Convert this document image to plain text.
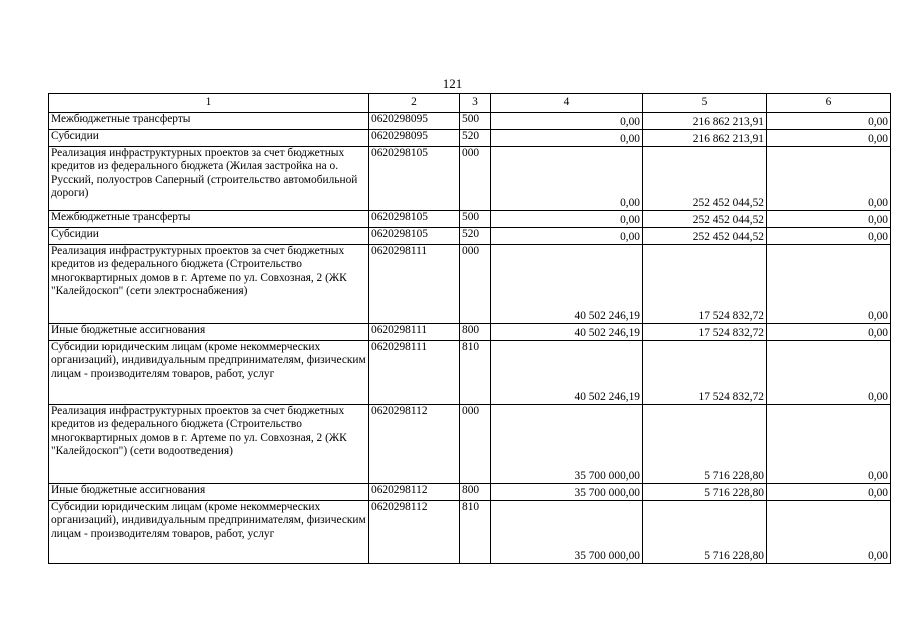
121
1	2	3	4	5	6
Межбюджетные трансферты	0620298095	500	0,00	216 862 213,91	0,00
Субсидии	0620298095	520	0,00	216 862 213,91	0,00
Реализация инфраструктурных проектов за счет бюджетных кредитов из федерального бюджета (Жилая застройка на о. Русский, полуостров Саперный (строительство автомобильной дороги)	0620298105	000	0,00	252 452 044,52	0,00
Межбюджетные трансферты	0620298105	500	0,00	252 452 044,52	0,00
Субсидии	0620298105	520	0,00	252 452 044,52	0,00
Реализация инфраструктурных проектов за счет бюджетных кредитов из федерального бюджета (Строительство многоквартирных домов в г. Артеме по ул. Совхозная, 2 (ЖК "Калейдоскоп" (сети электроснабжения)	0620298111	000	40 502 246,19	17 524 832,72	0,00
Иные бюджетные ассигнования	0620298111	800	40 502 246,19	17 524 832,72	0,00
Субсидии юридическим лицам (кроме некоммерческих организаций), индивидуальным предпринимателям, физическим лицам - производителям товаров, работ, услуг	0620298111	810	40 502 246,19	17 524 832,72	0,00
Реализация инфраструктурных проектов за счет бюджетных кредитов из федерального бюджета (Строительство многоквартирных домов в г. Артеме по ул. Совхозная, 2 (ЖК "Калейдоскоп") (сети водоотведения)	0620298112	000	35 700 000,00	5 716 228,80	0,00
Иные бюджетные ассигнования	0620298112	800	35 700 000,00	5 716 228,80	0,00
Субсидии юридическим лицам (кроме некоммерческих организаций), индивидуальным предпринимателям, физическим лицам - производителям товаров, работ, услуг	0620298112	810	35 700 000,00	5 716 228,80	0,00
